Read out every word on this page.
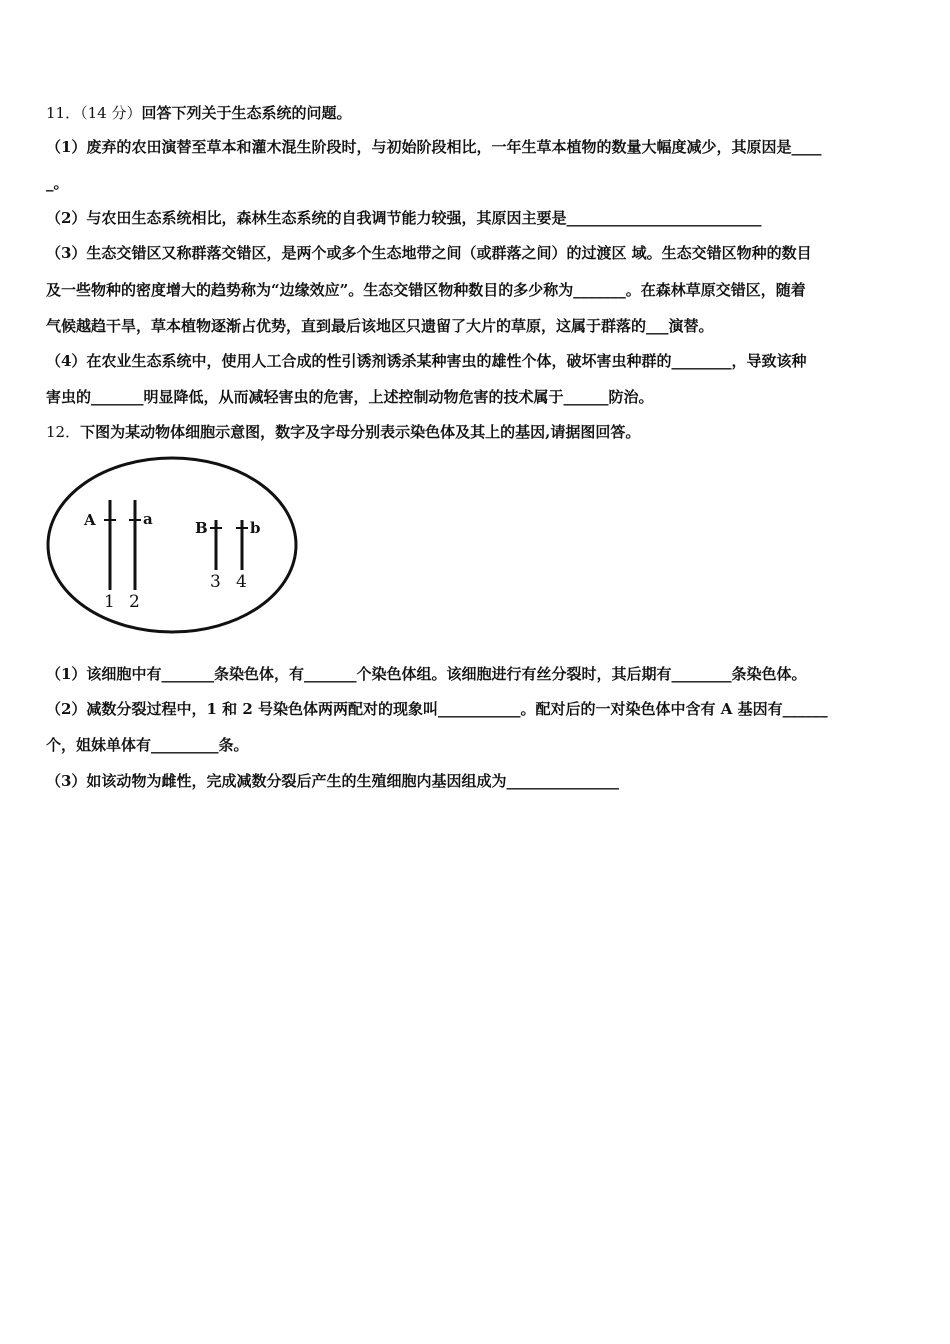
11．（14 分）回答下列关于生态系统的问题。
（1）废弃的农田演替至草本和灌木混生阶段时，与初始阶段相比，一年生草本植物的数量大幅度减少，其原因是____
_。
（2）与农田生态系统相比，森林生态系统的自我调节能力较强，其原因主要是__________________________
（3）生态交错区又称群落交错区，是两个或多个生态地带之间（或群落之间）的过渡区 域。生态交错区物种的数目
及一些物种的密度增大的趋势称为“边缘效应”。生态交错区物种数目的多少称为_______。在森林草原交错区，随着
气候越趋干旱，草本植物逐渐占优势，直到最后该地区只遗留了大片的草原，这属于群落的___演替。
（4）在农业生态系统中，使用人工合成的性引诱剂诱杀某种害虫的雄性个体，破坏害虫种群的________，导致该种
害虫的_______明显降低，从而减轻害虫的危害，上述控制动物危害的技术属于______防治。
12．下图为某动物体细胞示意图，数字及字母分别表示染色体及其上的基因,请据图回答。
A	a	B	b
1 2
3 4
（1）该细胞中有_______条染色体，有_______个染色体组。该细胞进行有丝分裂时，其后期有________条染色体。
（2）减数分裂过程中，1 和 2 号染色体两两配对的现象叫___________。配对后的一对染色体中含有 A 基因有______
个，姐妹单体有_________条。
（3）如该动物为雌性，完成减数分裂后产生的生殖细胞内基因组成为_______________
